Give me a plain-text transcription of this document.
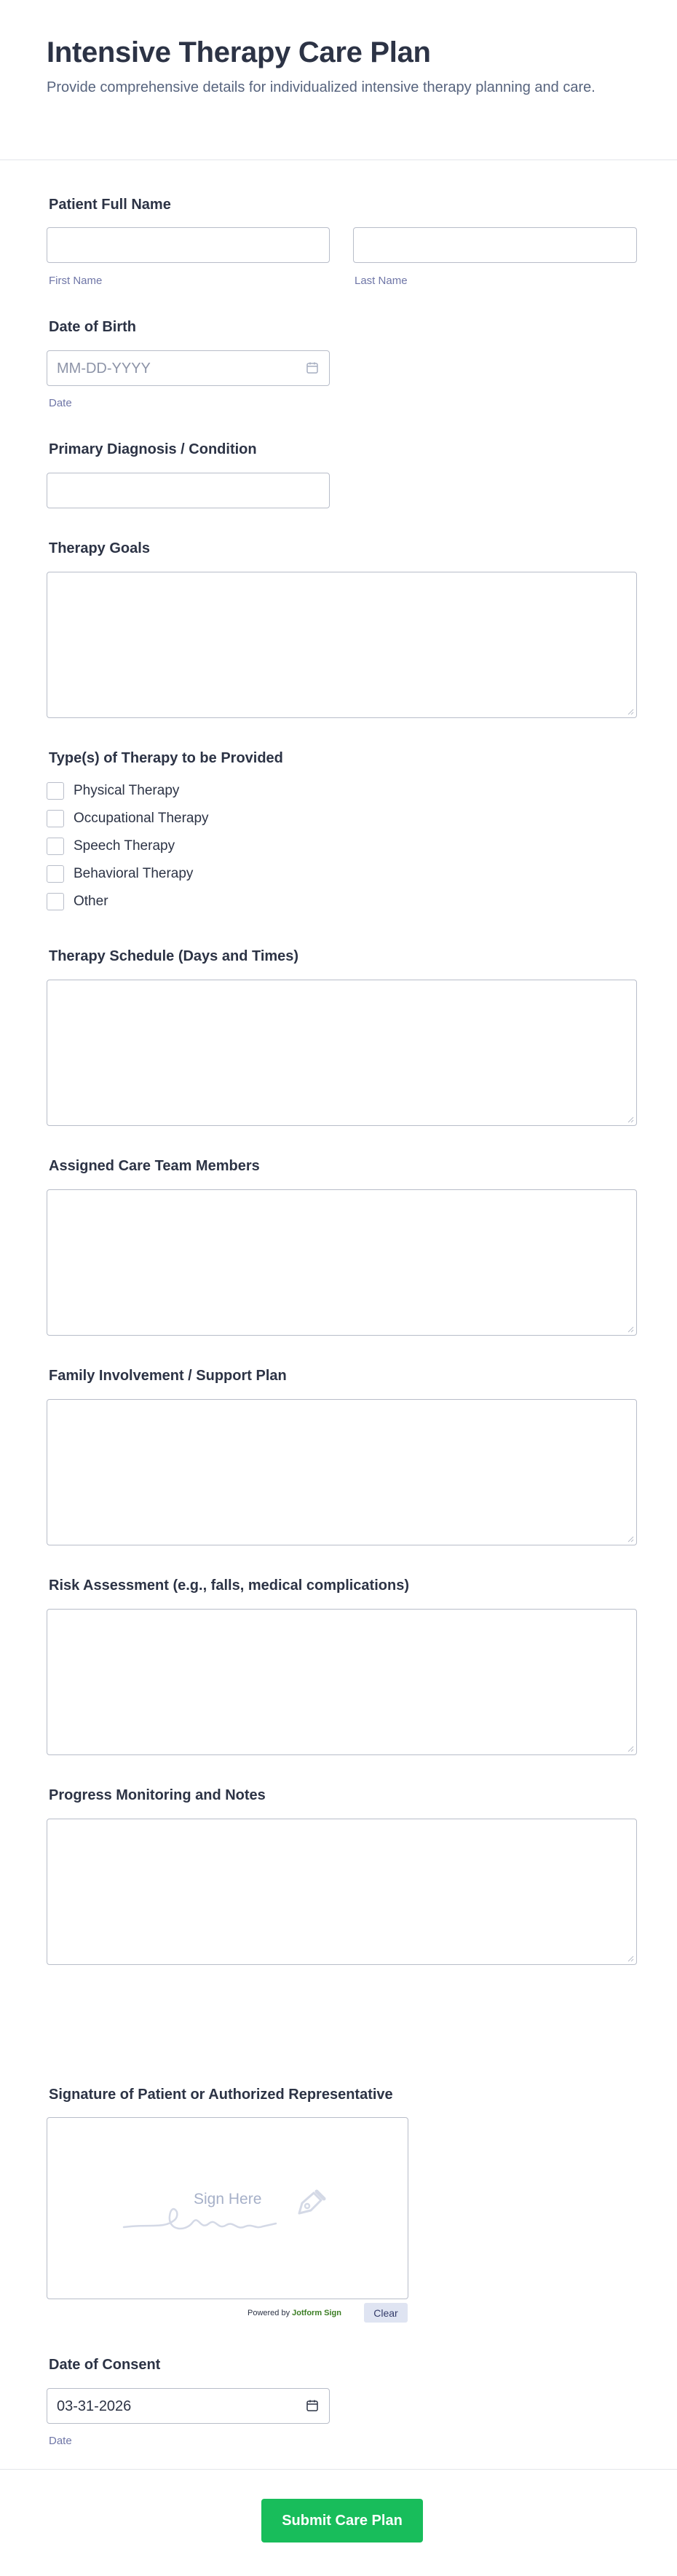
Intensive Therapy Care Plan
Provide comprehensive details for individualized intensive therapy planning and care.
Patient Full Name
First Name	Last Name
Date of Birth
MM-DD-YYYY
Date
Primary Diagnosis / Condition
Therapy Goals
Type(s) of Therapy to be Provided
Physical Therapy
Occupational Therapy
Speech Therapy
Behavioral Therapy
Other
Therapy Schedule (Days and Times)
Assigned Care Team Members
Family Involvement / Support Plan
Risk Assessment (e.g., falls, medical complications)
Progress Monitoring and Notes
Signature of Patient or Authorized Representative
Sign Here
Powered by Jotform Sign	Clear
Date of Consent
03-31-2026
Date
Submit Care Plan
